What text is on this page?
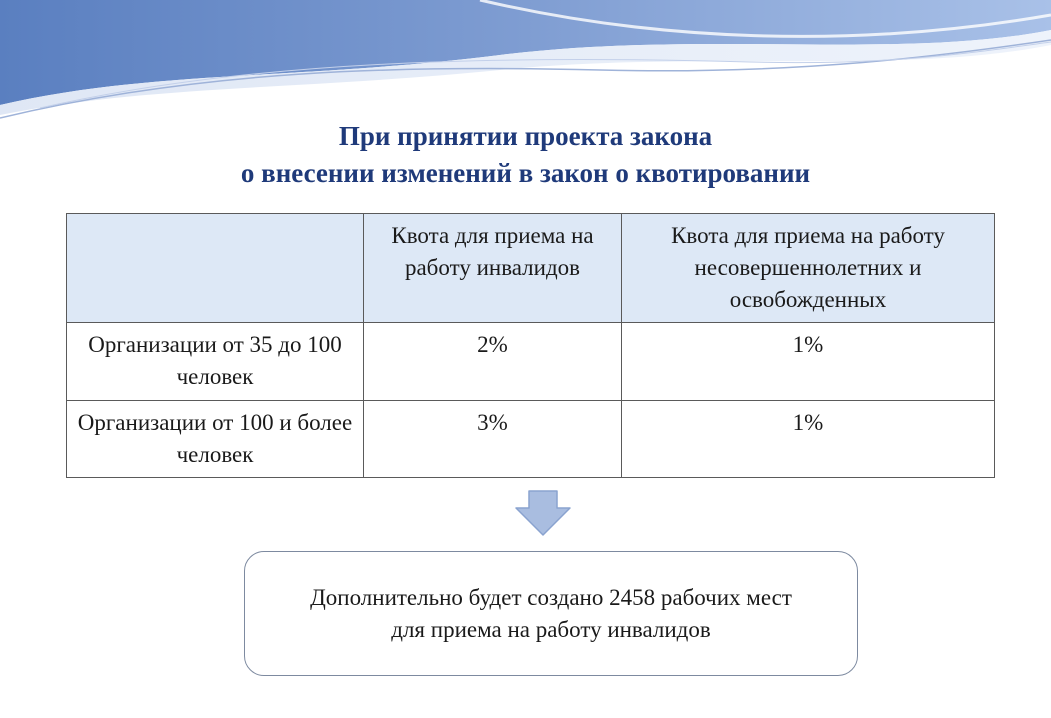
При принятии проекта закона
о внесении изменений в закон о квотировании
	Квота для приема на работу инвалидов	Квота для приема на работу несовершеннолетних и освобожденных
Организации от 35 до 100 человек	2%	1%
Организации от 100 и более человек	3%	1%
Дополнительно будет создано 2458 рабочих мест
для приема на работу инвалидов
